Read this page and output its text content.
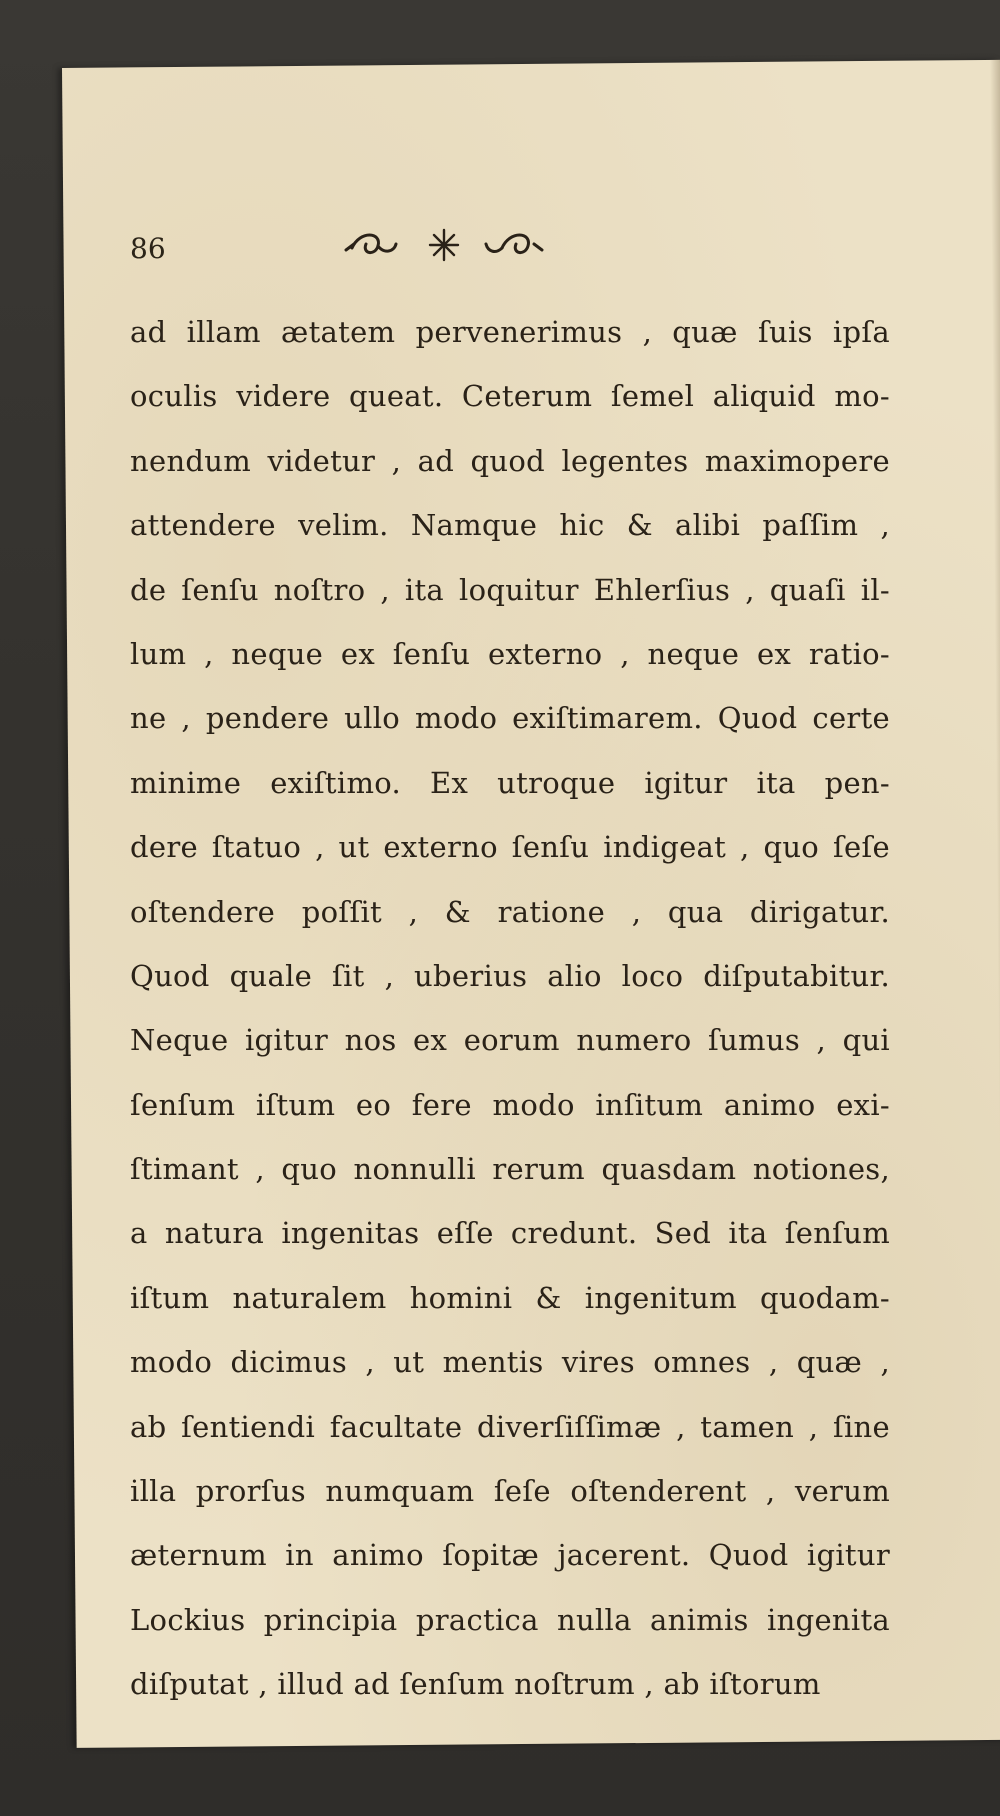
86
ad illam ætatem pervenerimus , quæ ſuis ipſa
oculis videre queat. Ceterum ſemel aliquid mo-
nendum videtur , ad quod legentes maximopere
attendere velim. Namque hic & alibi paſſim ,
de ſenſu noſtro , ita loquitur Ehlerſius , quaſi il-
lum , neque ex ſenſu externo , neque ex ratio-
ne , pendere ullo modo exiſtimarem. Quod certe
minime exiſtimo. Ex utroque igitur ita pen-
dere ſtatuo , ut externo ſenſu indigeat , quo ſeſe
oſtendere poſſit , & ratione , qua dirigatur.
Quod quale ſit , uberius alio loco diſputabitur.
Neque igitur nos ex eorum numero ſumus , qui
ſenſum iſtum eo fere modo inſitum animo exi-
ſtimant , quo nonnulli rerum quasdam notiones,
a natura ingenitas eſſe credunt. Sed ita ſenſum
iſtum naturalem homini & ingenitum quodam-
modo dicimus , ut mentis vires omnes , quæ ,
ab ſentiendi facultate diverſiſſimæ , tamen , ſine
illa prorſus numquam ſeſe oſtenderent , verum
æternum in animo ſopitæ jacerent. Quod igitur
Lockius principia practica nulla animis ingenita
diſputat , illud ad ſenſum noſtrum , ab iſtorum
